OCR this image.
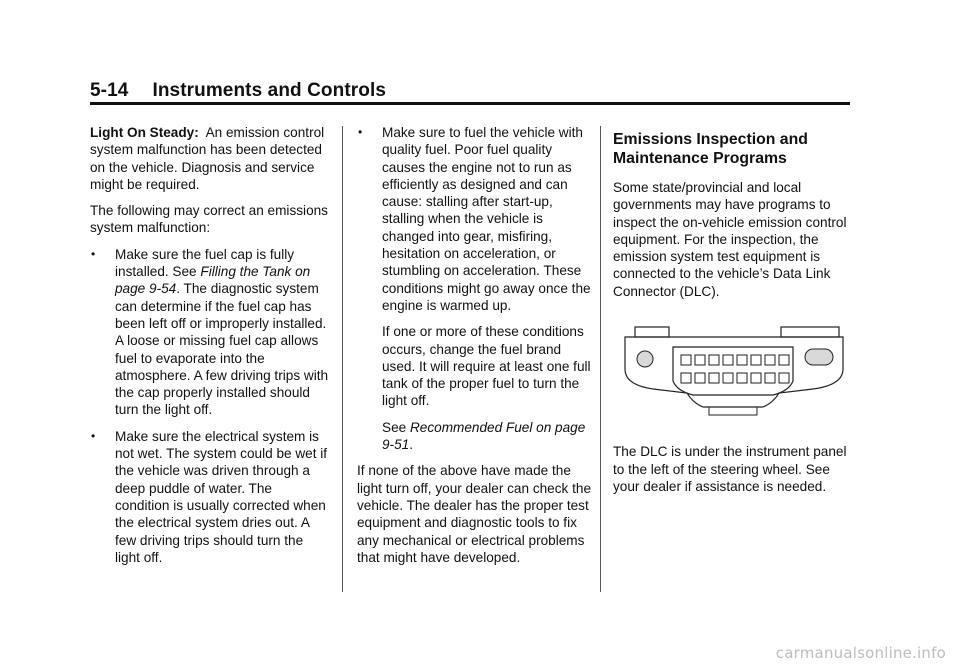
5-14 Instruments and Controls

Light On Steady: An emission control system malfunction has been detected on the vehicle. Diagnosis and service might be required.

The following may correct an emissions system malfunction:

• Make sure the fuel cap is fully installed. See Filling the Tank on page 9-54. The diagnostic system can determine if the fuel cap has been left off or improperly installed. A loose or missing fuel cap allows fuel to evaporate into the atmosphere. A few driving trips with the cap properly installed should turn the light off.

• Make sure the electrical system is not wet. The system could be wet if the vehicle was driven through a deep puddle of water. The condition is usually corrected when the electrical system dries out. A few driving trips should turn the light off.

• Make sure to fuel the vehicle with quality fuel. Poor fuel quality causes the engine not to run as efficiently as designed and can cause: stalling after start-up, stalling when the vehicle is changed into gear, misfiring, hesitation on acceleration, or stumbling on acceleration. These conditions might go away once the engine is warmed up.

If one or more of these conditions occurs, change the fuel brand used. It will require at least one full tank of the proper fuel to turn the light off.

See Recommended Fuel on page 9-51.

If none of the above have made the light turn off, your dealer can check the vehicle. The dealer has the proper test equipment and diagnostic tools to fix any mechanical or electrical problems that might have developed.

Emissions Inspection and Maintenance Programs

Some state/provincial and local governments may have programs to inspect the on-vehicle emission control equipment. For the inspection, the emission system test equipment is connected to the vehicle’s Data Link Connector (DLC).

The DLC is under the instrument panel to the left of the steering wheel. See your dealer if assistance is needed.

carmanualsonline.info
